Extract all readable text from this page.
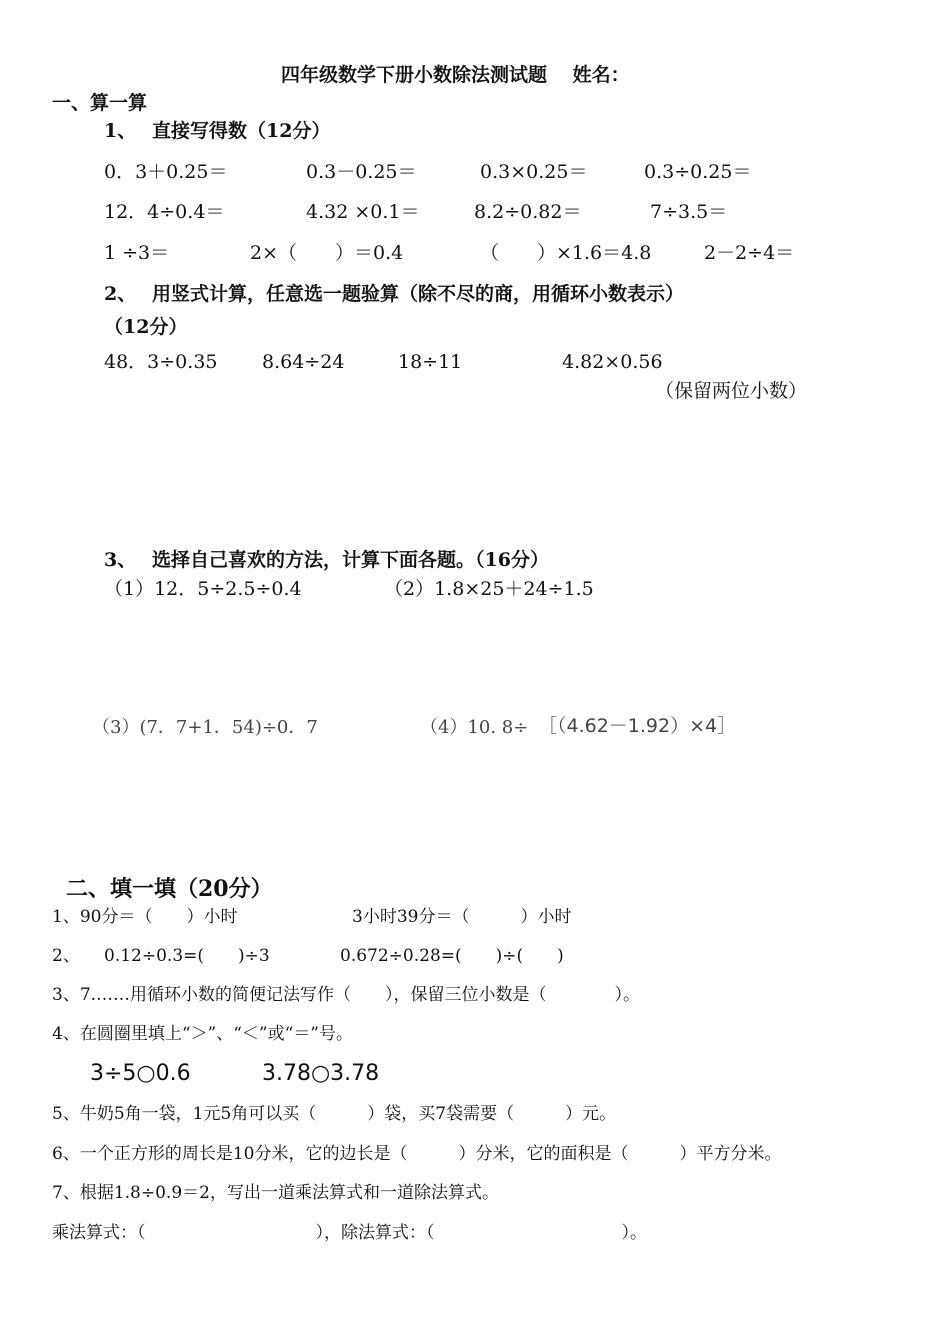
四年级数学下册小数除法测试题　 姓名：
一、算一算
1、 直接写得数（12分）
0．3＋0.25＝	0.3－0.25＝	0.3×0.25＝	0.3÷0.25＝
12．4÷0.4＝	4.32 ×0.1＝	8.2÷0.82＝	7÷3.5＝
1 ÷3＝	2×（　　）＝0.4	（　　）×1.6＝4.8	2－2÷4＝
2、 用竖式计算，任意选一题验算（除不尽的商，用循环小数表示）
（12分）
48．3÷0.35 8.64÷24	18÷11	4.82×0.56
（保留两位小数）
3、 选择自己喜欢的方法，计算下面各题。（16分）
（1）12．5÷2.5÷0.4	（2）1.8×25＋24÷1.5
（3）(7．7+1．54)÷0．7	（4）10. 8÷ ［（4.62－1.92）×4］
二、填一填（20分）
1、90分＝（　　）小时	3小时39分＝（　　　）小时
2、 0.12÷0.3=(　　)÷3	0.672÷0.28=(　　)÷(　　)
3、7.……用循环小数的简便记法写作（　　），保留三位小数是（　　　　）。
4、在圆圈里填上“＞”、“＜”或“＝”号。
3÷5○0.6	3.78○3.78
5、牛奶5角一袋，1元5角可以买（　　　）袋，买7袋需要（　　　）元。
6、一个正方形的周长是10分米，它的边长是（　　　）分米，它的面积是（　　　）平方分米。
7、根据1.8÷0.9＝2，写出一道乘法算式和一道除法算式。
乘法算式：（　　　　　　　　　　），除法算式：（　　　　　　　　　　　）。
